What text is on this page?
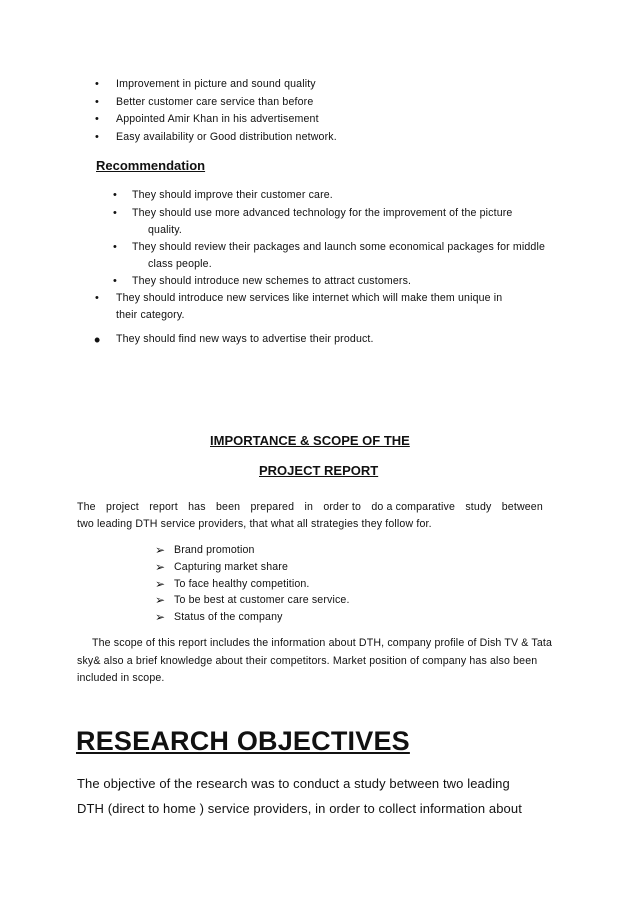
• Improvement in picture and sound quality
• Better customer care service than before
• Appointed Amir Khan in his advertisement
• Easy availability or Good distribution network.
Recommendation
• They should improve their customer care.
• They should use more advanced technology for the improvement of the picture
quality.
• They should review their packages and launch some economical packages for middle
class people.
• They should introduce new schemes to attract customers.
• They should introduce new services like internet which will make them unique in
their category.
• They should find new ways to advertise their product.
IMPORTANCE & SCOPE OF THE
PROJECT REPORT
The project report has been prepared in order to do a comparative study between
two leading DTH service providers, that what all strategies they follow for.
➢ Brand promotion
➢ Capturing market share
➢ To face healthy competition.
➢ To be best at customer care service.
➢ Status of the company
The scope of this report includes the information about DTH, company profile of Dish TV & Tata
sky& also a brief knowledge about their competitors. Market position of company has also been
included in scope.
RESEARCH OBJECTIVES
The objective of the research was to conduct a study between two leading
DTH (direct to home ) service providers, in order to collect information about
